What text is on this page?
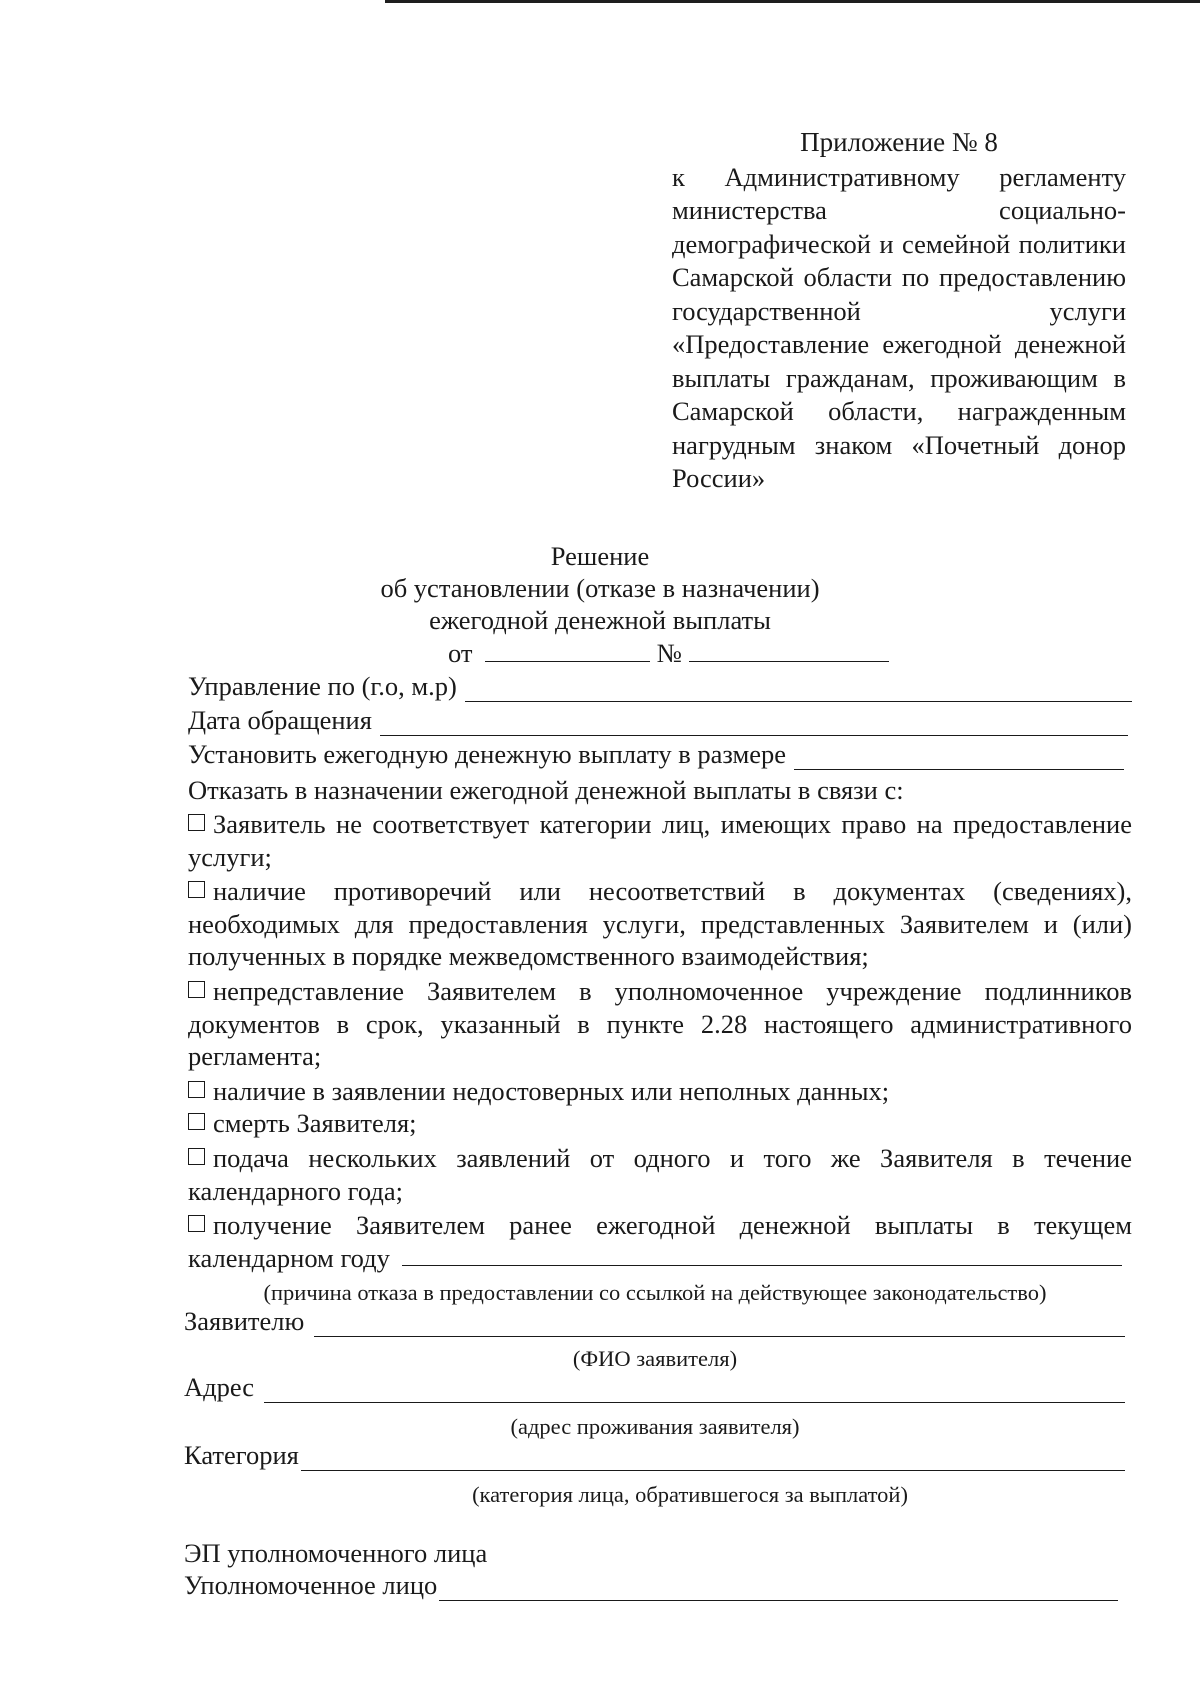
Приложение № 8
к Административному регламенту министерства социально-демографической и семейной политики Самарской области по предоставлению государственной услуги «Предоставление ежегодной денежной выплаты гражданам, проживающим в Самарской области, награжденным нагрудным знаком «Почетный донор России»
Решение
об установлении (отказе в назначении)
ежегодной денежной выплаты
от	№
Управление по (г.о, м.р)
Дата обращения
Установить ежегодную денежную выплату в размере
Отказать в назначении ежегодной денежной выплаты в связи с:
Заявитель не соответствует категории лиц, имеющих право на предоставление услуги;
наличие противоречий или несоответствий в документах (сведениях), необходимых для предоставления услуги, представленных Заявителем и (или) полученных в порядке межведомственного взаимодействия;
непредставление Заявителем в уполномоченное учреждение подлинников документов в срок, указанный в пункте 2.28 настоящего административного регламента;
наличие в заявлении недостоверных или неполных данных;
смерть Заявителя;
подача нескольких заявлений от одного и того же Заявителя в течение календарного года;
получение Заявителем ранее ежегодной денежной выплаты в текущем календарном году
(причина отказа в предоставлении со ссылкой на действующее законодательство)
Заявителю
(ФИО заявителя)
Адрес
(адрес проживания заявителя)
Категория
(категория лица, обратившегося за выплатой)
ЭП уполномоченного лица
Уполномоченное лицо
